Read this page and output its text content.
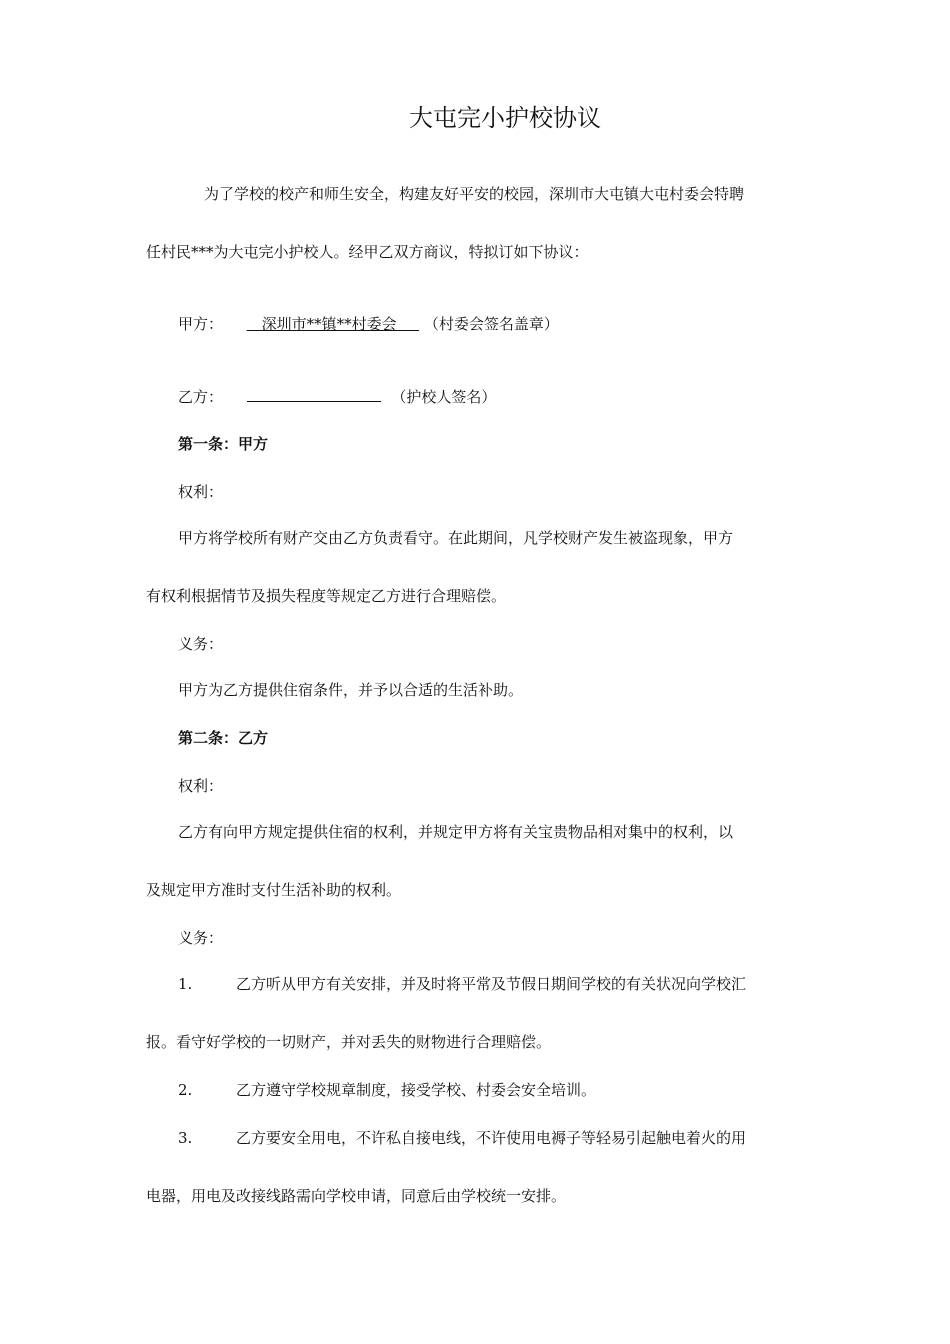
大屯完小护校协议
为了学校的校产和师生安全，构建友好平安的校园，深圳市大屯镇大屯村委会特聘
任村民***为大屯完小护校人。经甲乙双方商议，特拟订如下协议：
甲方：    	深圳市**镇**村委会    （村委会签名盖章）
乙方：	（护校人签名）
第一条：甲方
权利：
甲方将学校所有财产交由乙方负责看守。在此期间，凡学校财产发生被盗现象，甲方
有权利根据情节及损失程度等规定乙方进行合理赔偿。
义务：
甲方为乙方提供住宿条件，并予以合适的生活补助。
第二条：乙方
权利：
乙方有向甲方规定提供住宿的权利，并规定甲方将有关宝贵物品相对集中的权利，以
及规定甲方准时支付生活补助的权利。
义务：
1.	乙方听从甲方有关安排，并及时将平常及节假日期间学校的有关状况向学校汇
报。看守好学校的一切财产，并对丢失的财物进行合理赔偿。
2.	乙方遵守学校规章制度，接受学校、村委会安全培训。
3.	乙方要安全用电，不许私自接电线，不许使用电褥子等轻易引起触电着火的用
电器，用电及改接线路需向学校申请，同意后由学校统一安排。
